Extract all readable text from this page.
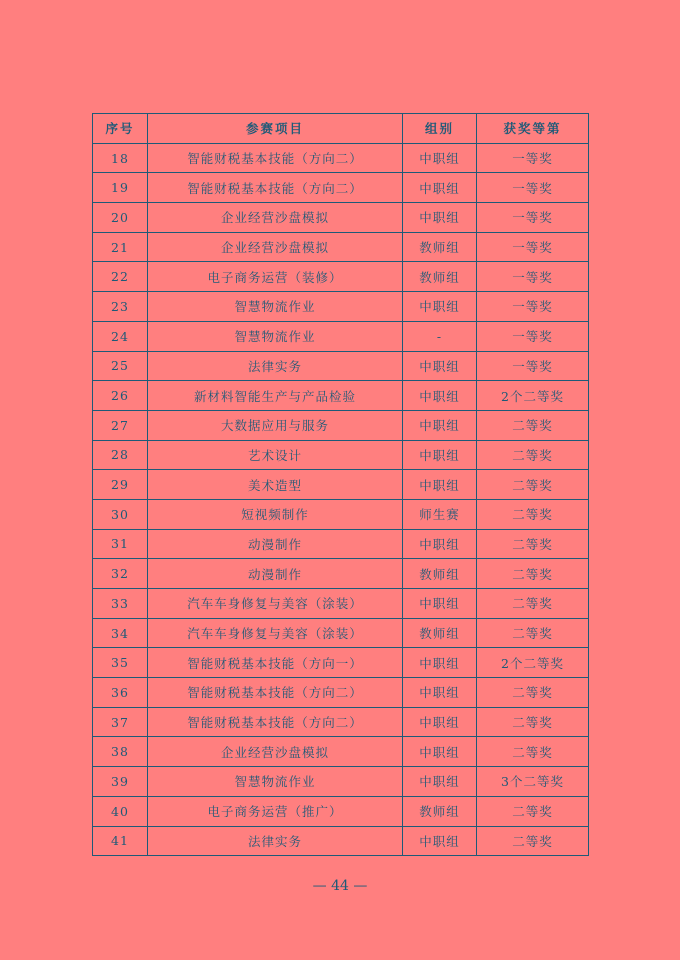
序号	参赛项目	组别	获奖等第
18	智能财税基本技能（方向二）	中职组	一等奖
19	智能财税基本技能（方向二）	中职组	一等奖
20	企业经营沙盘模拟	中职组	一等奖
21	企业经营沙盘模拟	教师组	一等奖
22	电子商务运营（装修）	教师组	一等奖
23	智慧物流作业	中职组	一等奖
24	智慧物流作业	-	一等奖
25	法律实务	中职组	一等奖
26	新材料智能生产与产品检验	中职组	2个二等奖
27	大数据应用与服务	中职组	二等奖
28	艺术设计	中职组	二等奖
29	美术造型	中职组	二等奖
30	短视频制作	师生赛	二等奖
31	动漫制作	中职组	二等奖
32	动漫制作	教师组	二等奖
33	汽车车身修复与美容（涂装）	中职组	二等奖
34	汽车车身修复与美容（涂装）	教师组	二等奖
35	智能财税基本技能（方向一）	中职组	2个二等奖
36	智能财税基本技能（方向二）	中职组	二等奖
37	智能财税基本技能（方向二）	中职组	二等奖
38	企业经营沙盘模拟	中职组	二等奖
39	智慧物流作业	中职组	3个二等奖
40	电子商务运营（推广）	教师组	二等奖
41	法律实务	中职组	二等奖
— 44 —
